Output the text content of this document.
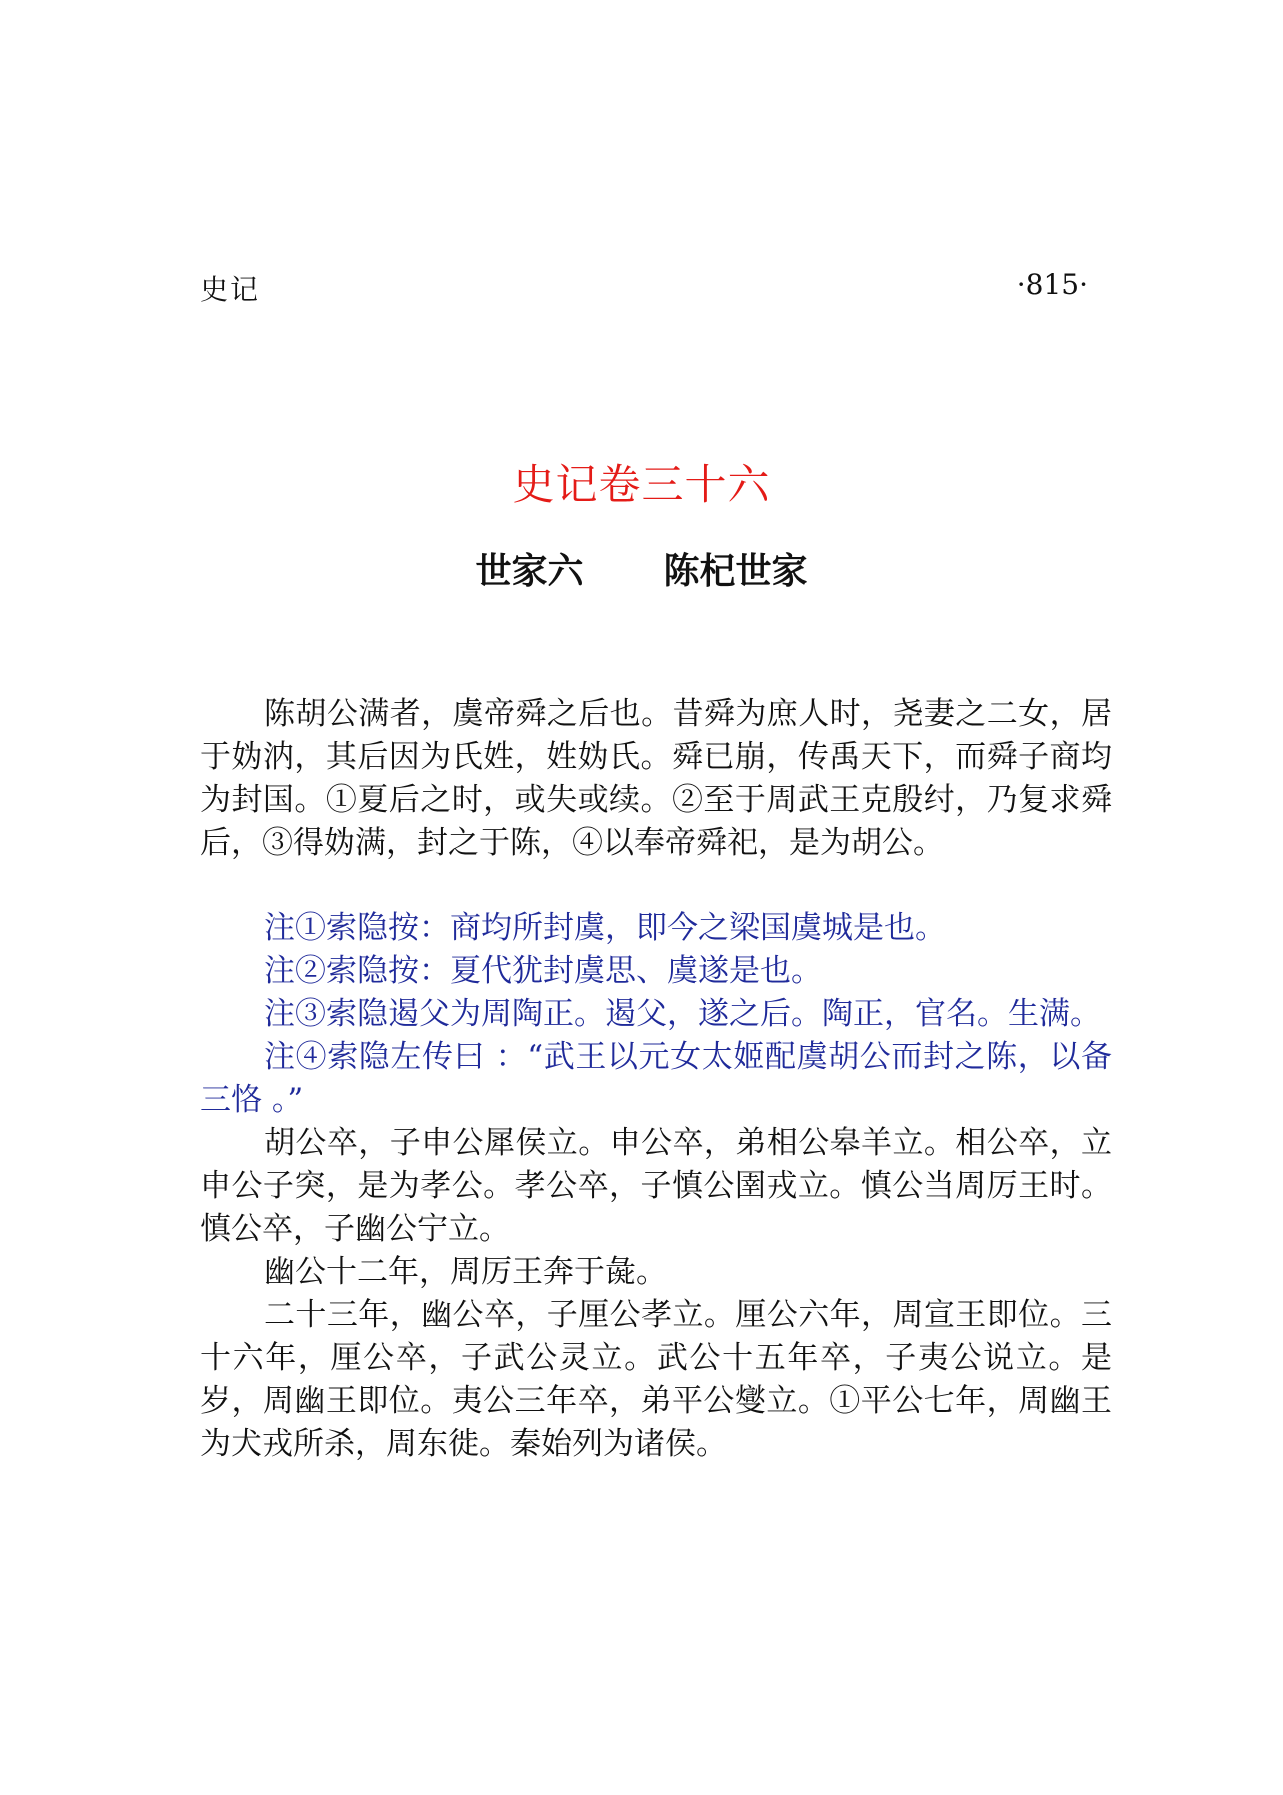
史记	·815·
史记卷三十六
世家六 陈杞世家

陈胡公满者，虞帝舜之后也。昔舜为庶人时，尧妻之二女，居于妫汭，其后因为氏姓，姓妫氏。舜已崩，传禹天下，而舜子商均为封国。①夏后之时，或失或续。②至于周武王克殷纣，乃复求舜后，③得妫满，封之于陈，④以奉帝舜祀，是为胡公。

注①索隐按：商均所封虞，即今之梁国虞城是也。

注②索隐按：夏代犹封虞思、虞遂是也。

注③索隐遏父为周陶正。遏父，遂之后。陶正，官名。生满。

注④索隐左传曰 ：“武王以元女太姬配虞胡公而封之陈，以备三恪 。”

胡公卒，子申公犀侯立。申公卒，弟相公皋羊立。相公卒，立申公子突，是为孝公。孝公卒，子慎公圉戎立。慎公当周厉王时。慎公卒，子幽公宁立。

幽公十二年，周厉王奔于彘。

二十三年，幽公卒，子厘公孝立。厘公六年，周宣王即位。三十六年，厘公卒，子武公灵立。武公十五年卒，子夷公说立。是岁，周幽王即位。夷公三年卒，弟平公燮立。①平公七年，周幽王为犬戎所杀，周东徙。秦始列为诸侯。
